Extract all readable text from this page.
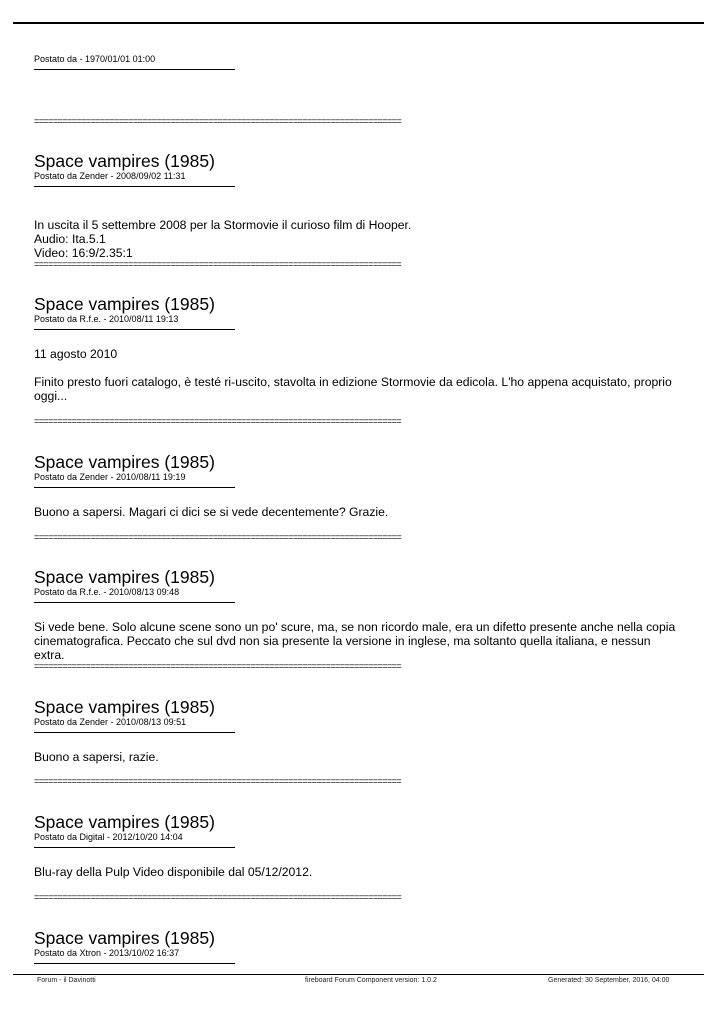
Postato da - 1970/01/01 01:00
==============================================================================
Space vampires (1985)
Postato da Zender - 2008/09/02 11:31

In uscita il 5 settembre 2008 per la Stormovie il curioso film di Hooper.
Audio: Ita.5.1
Video: 16:9/2.35:1

==============================================================================
Space vampires (1985)
Postato da R.f.e. - 2010/08/11 19:13

11 agosto 2010

Finito presto fuori catalogo, è testé ri-uscito, stavolta in edizione Stormovie da edicola. L'ho appena acquistato, proprio oggi...

==============================================================================
Space vampires (1985)
Postato da Zender - 2010/08/11 19:19

Buono a sapersi. Magari ci dici se si vede decentemente? Grazie.

==============================================================================
Space vampires (1985)
Postato da R.f.e. - 2010/08/13 09:48

Si vede bene. Solo alcune scene sono un po' scure, ma, se non ricordo male, era un difetto presente anche nella copia cinematografica. Peccato che sul dvd non sia presente la versione in inglese, ma soltanto quella italiana, e nessun extra.

==============================================================================
Space vampires (1985)
Postato da Zender - 2010/08/13 09:51

Buono a sapersi, razie.

==============================================================================
Space vampires (1985)
Postato da Digital - 2012/10/20 14:04

Blu-ray della Pulp Video disponibile dal 05/12/2012.

==============================================================================
Space vampires (1985)
Postato da Xtron - 2013/10/02 16:37
Forum - il Davinotti	fireboard Forum Component version: 1.0.2	Generated: 30 September, 2016, 04:00
